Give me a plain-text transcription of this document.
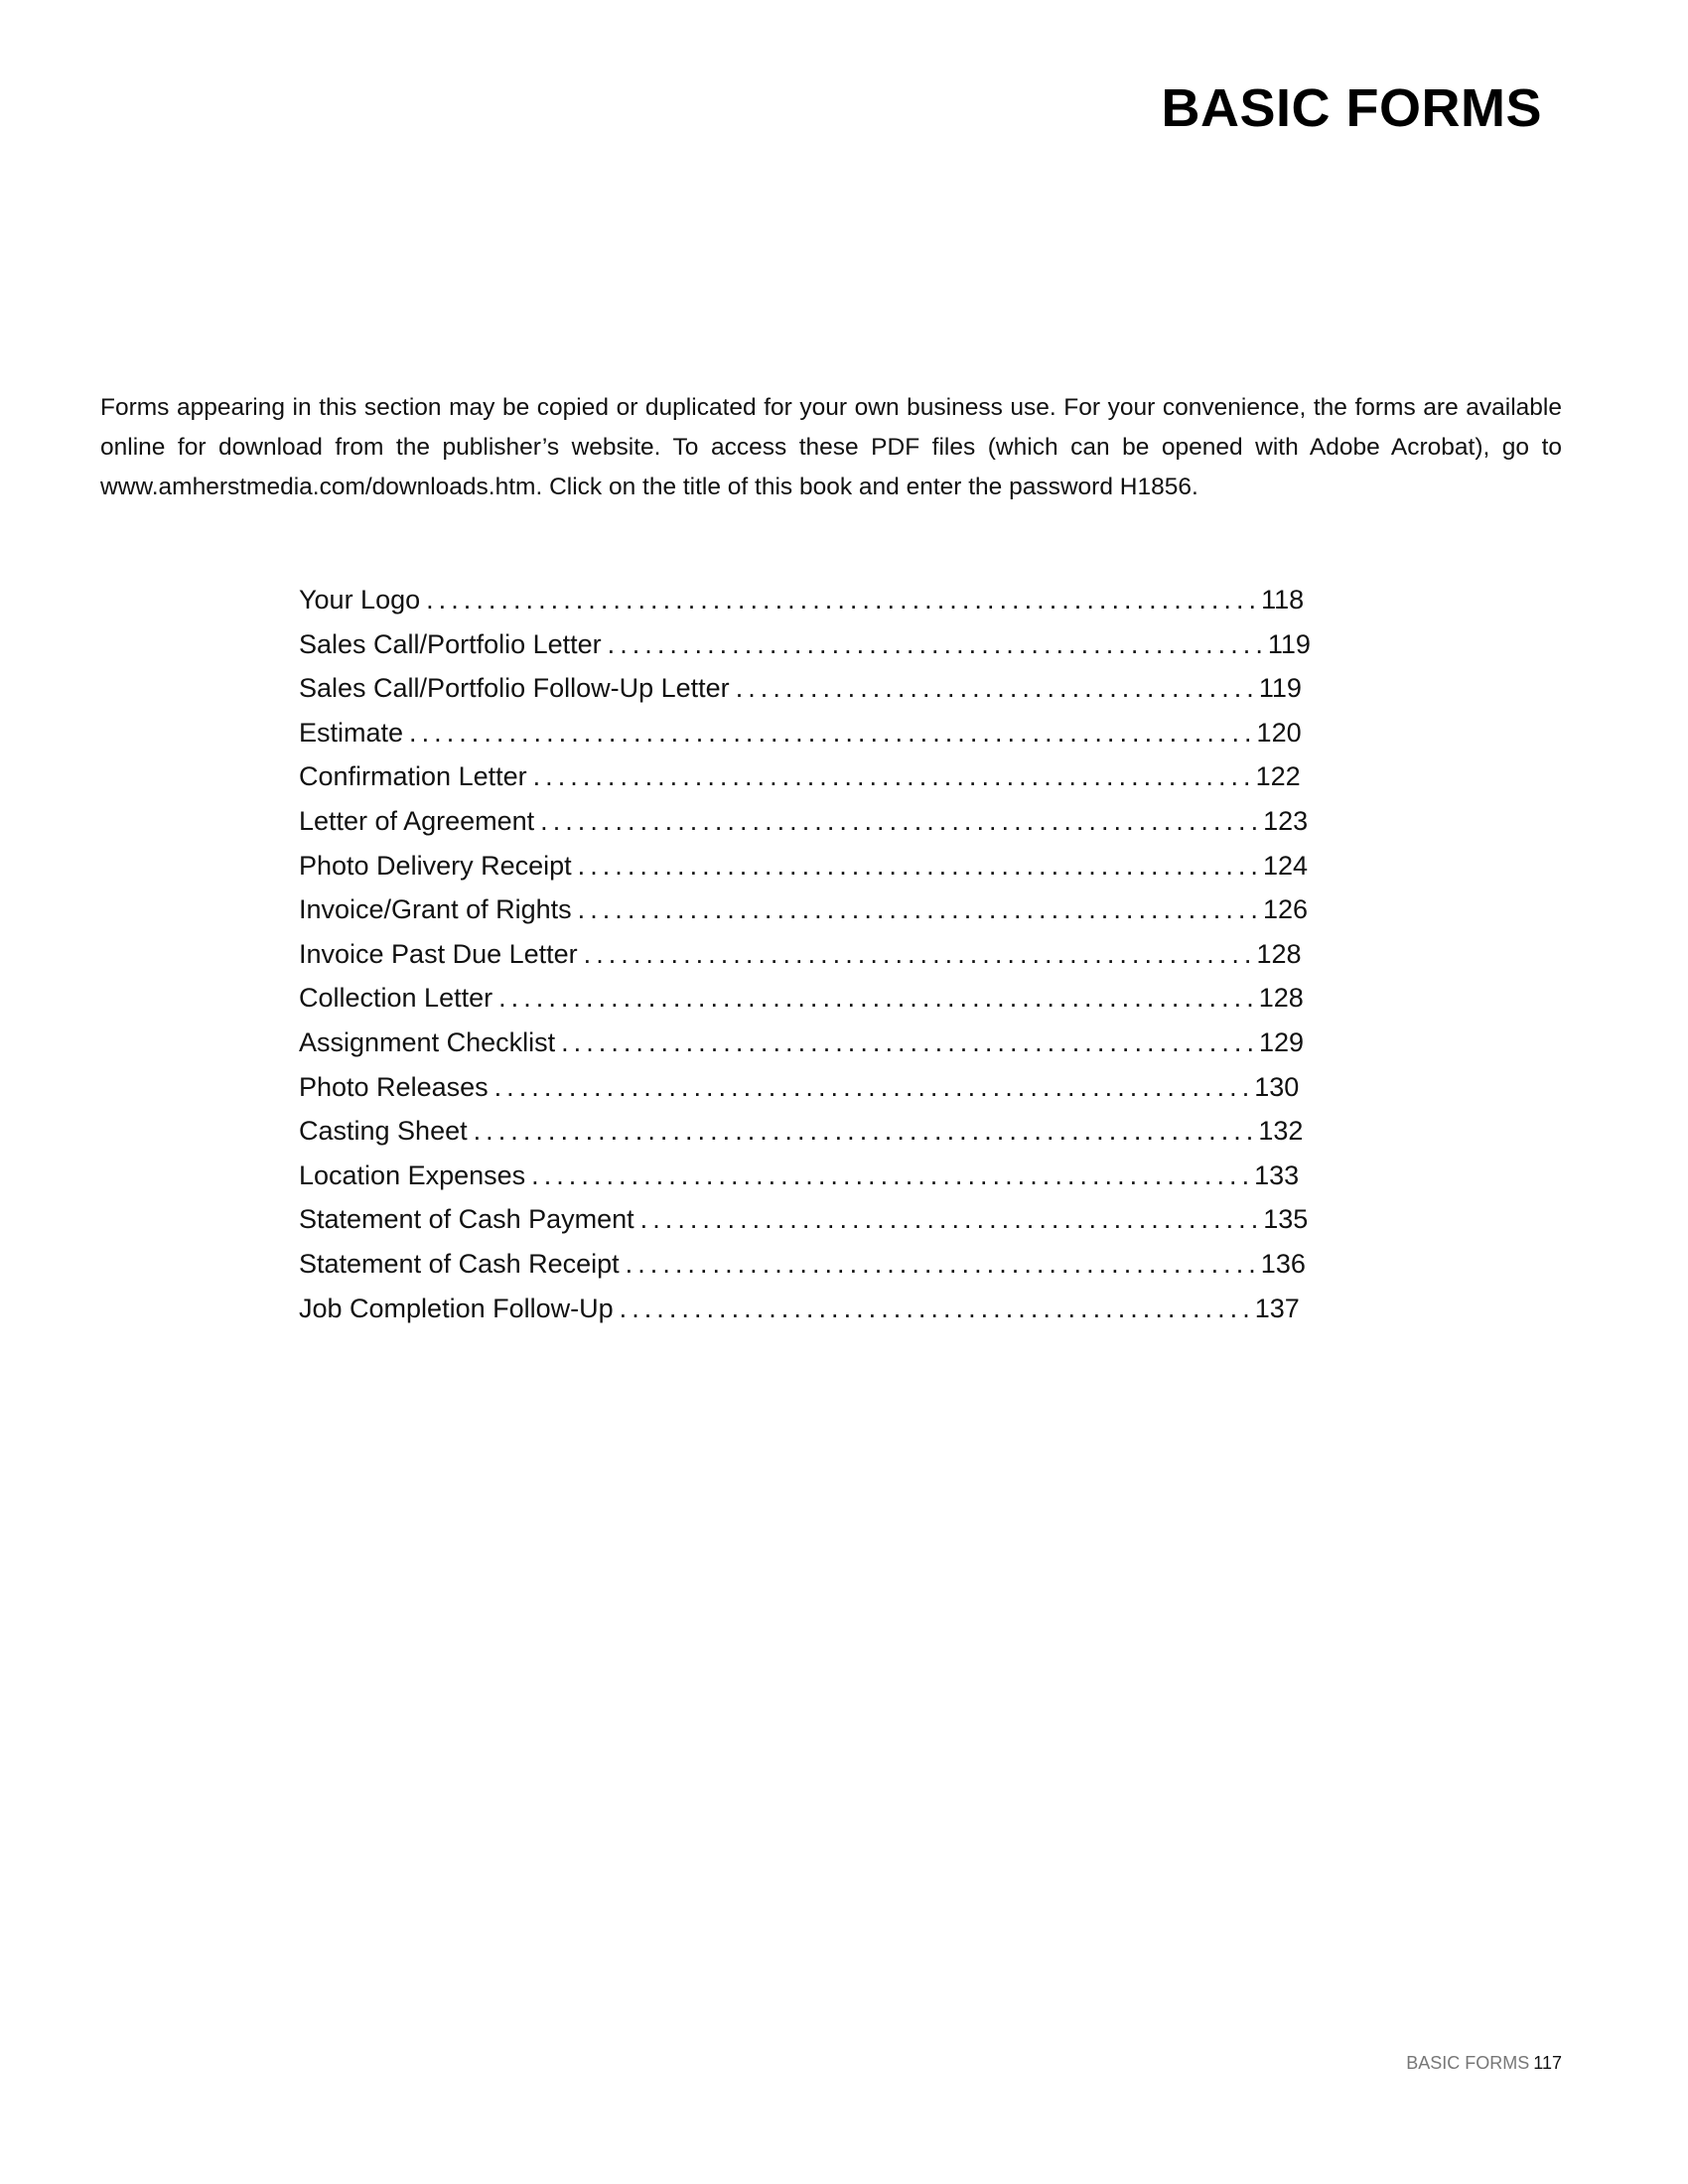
BASIC FORMS

Forms appearing in this section may be copied or duplicated for your own business use. For your convenience, the forms are available online for download from the publisher’s website. To access these PDF files (which can be opened with Adobe Acrobat), go to www.amherstmedia.com/downloads.htm. Click on the title of this book and enter the password H1856.

Your Logo ................................................................... 118
Sales Call/Portfolio Letter ..................................................... 119
Sales Call/Portfolio Follow-Up Letter .......................................... 119
Estimate .................................................................... 120
Confirmation Letter .......................................................... 122
Letter of Agreement .......................................................... 123
Photo Delivery Receipt ....................................................... 124
Invoice/Grant of Rights ....................................................... 126
Invoice Past Due Letter ...................................................... 128
Collection Letter ............................................................. 128
Assignment Checklist ........................................................ 129
Photo Releases ............................................................. 130
Casting Sheet ............................................................... 132
Location Expenses .......................................................... 133
Statement of Cash Payment .................................................. 135
Statement of Cash Receipt ................................................... 136
Job Completion Follow-Up ................................................... 137
BASIC FORMS 117
